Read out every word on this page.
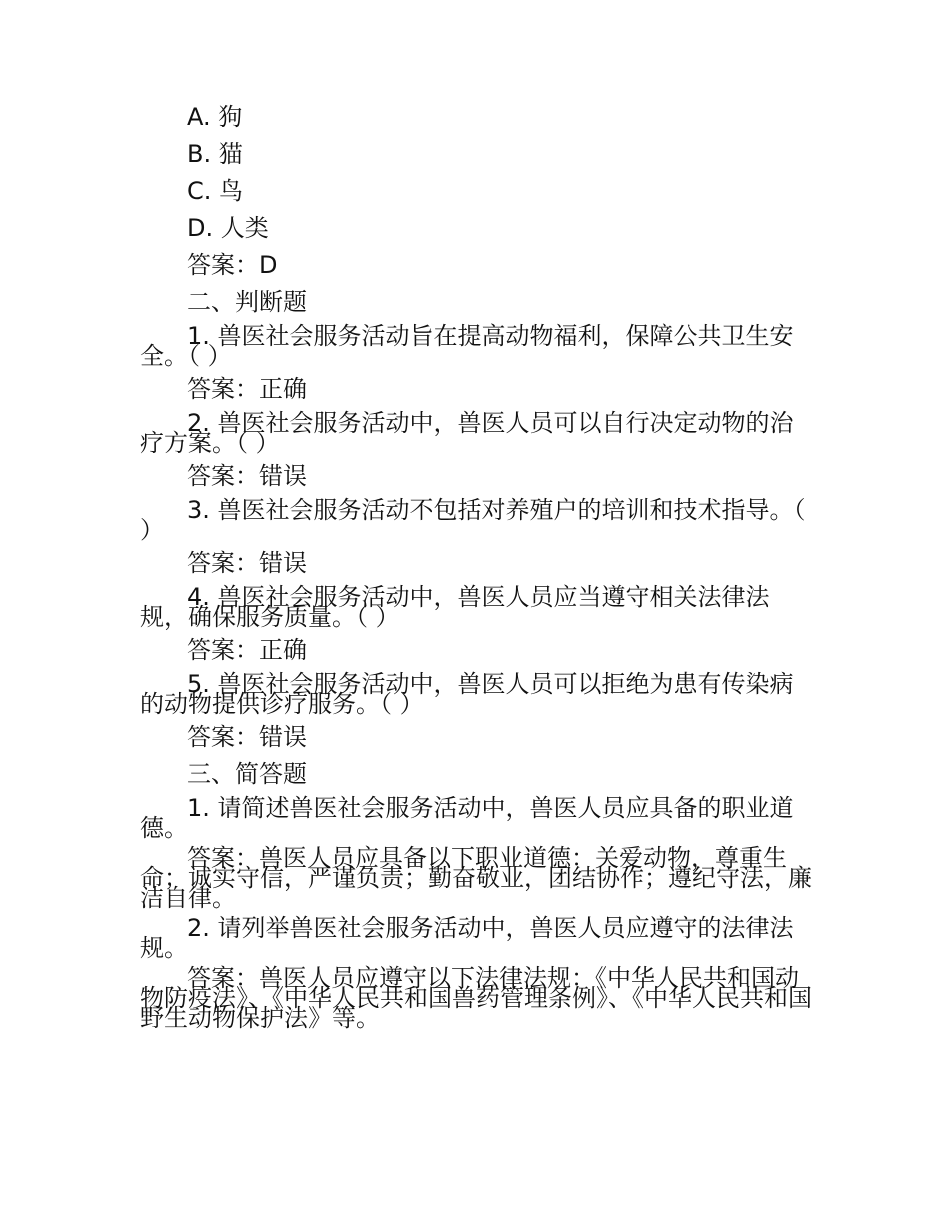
A. 狗

B. 猫

C. 鸟

D. 人类

答案：D

二、判断题

1. 兽医社会服务活动旨在提高动物福利，保障公共卫生安全。（ ）

答案：正确

2. 兽医社会服务活动中，兽医人员可以自行决定动物的治疗方案。（ ）

答案：错误

3. 兽医社会服务活动不包括对养殖户的培训和技术指导。（ ）

答案：错误

4. 兽医社会服务活动中，兽医人员应当遵守相关法律法规，确保服务质量。（ ）

答案：正确

5. 兽医社会服务活动中，兽医人员可以拒绝为患有传染病的动物提供诊疗服务。（ ）

答案：错误

三、简答题

1. 请简述兽医社会服务活动中，兽医人员应具备的职业道德。

答案：兽医人员应具备以下职业道德：关爱动物，尊重生命；诚实守信，严谨负责；勤奋敬业，团结协作；遵纪守法，廉洁自律。

2. 请列举兽医社会服务活动中，兽医人员应遵守的法律法规。

答案：兽医人员应遵守以下法律法规：《中华人民共和国动物防疫法》、《中华人民共和国兽药管理条例》、《中华人民共和国野生动物保护法》等。
